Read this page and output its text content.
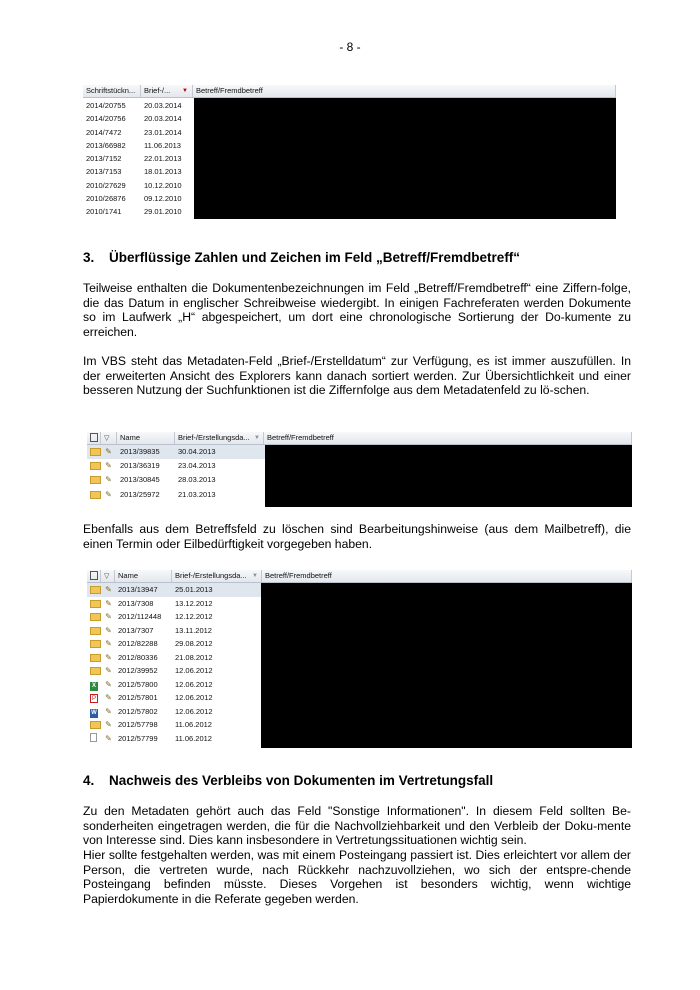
- 8 -
Schriftstückn...	Brief-/... ▼	Betreff/Fremdbetreff
2014/20755	20.03.2014
2014/20756	20.03.2014
2014/7472	23.01.2014
2013/66982	11.06.2013
2013/7152	22.01.2013
2013/7153	18.01.2013
2010/27629	10.12.2010
2010/26876	09.12.2010
2010/1741	29.01.2010
3. Überflüssige Zahlen und Zeichen im Feld „Betreff/Fremdbetreff“

Teilweise enthalten die Dokumentenbezeichnungen im Feld „Betreff/Fremdbetreff“ eine Ziffern-folge, die das Datum in englischer Schreibweise wiedergibt. In einigen Fachreferaten werden Dokumente so im Laufwerk „H“ abgespeichert, um dort eine chronologische Sortierung der Do-kumente zu erreichen.

Im VBS steht das Metadaten-Feld „Brief-/Erstelldatum“ zur Verfügung, es ist immer auszufüllen. In der erweiterten Ansicht des Explorers kann danach sortiert werden. Zur Übersichtlichkeit und einer besseren Nutzung der Suchfunktionen ist die Ziffernfolge aus dem Metadatenfeld zu lö-schen.

▽	Name	Brief-/Erstellungsda... ▼ Betreff/Fremdbetreff
✎	2013/39835	30.04.2013
✎	2013/36319	23.04.2013
✎	2013/30845	28.03.2013
✎	2013/25972	21.03.2013

Ebenfalls aus dem Betreffsfeld zu löschen sind Bearbeitungshinweise (aus dem Mailbetreff), die einen Termin oder Eilbedürftigkeit vorgegeben haben.

▽	Name	Brief-/Erstellungsda... ▼ Betreff/Fremdbetreff
✎ 2013/13947	25.01.2013
✎ 2013/7308	13.12.2012
✎ 2012/112448	12.12.2012
✎ 2013/7307	13.11.2012
✎ 2012/82288	29.08.2012
✎ 2012/80336	21.08.2012
✎ 2012/39952	12.06.2012
X	✎ 2012/57800	12.06.2012
P	✎ 2012/57801	12.06.2012
W	✎ 2012/57802	12.06.2012
✎ 2012/57798	11.06.2012
✎ 2012/57799	11.06.2012
4. Nachweis des Verbleibs von Dokumenten im Vertretungsfall

Zu den Metadaten gehört auch das Feld "Sonstige Informationen". In diesem Feld sollten Be-sonderheiten eingetragen werden, die für die Nachvollziehbarkeit und den Verbleib der Doku-mente von Interesse sind. Dies kann insbesondere in Vertretungssituationen wichtig sein.

Hier sollte festgehalten werden, was mit einem Posteingang passiert ist. Dies erleichtert vor allem der Person, die vertreten wurde, nach Rückkehr nachzuvollziehen, wo sich der entspre-chende Posteingang befinden müsste. Dieses Vorgehen ist besonders wichtig, wenn wichtige Papierdokumente in die Referate gegeben werden.
